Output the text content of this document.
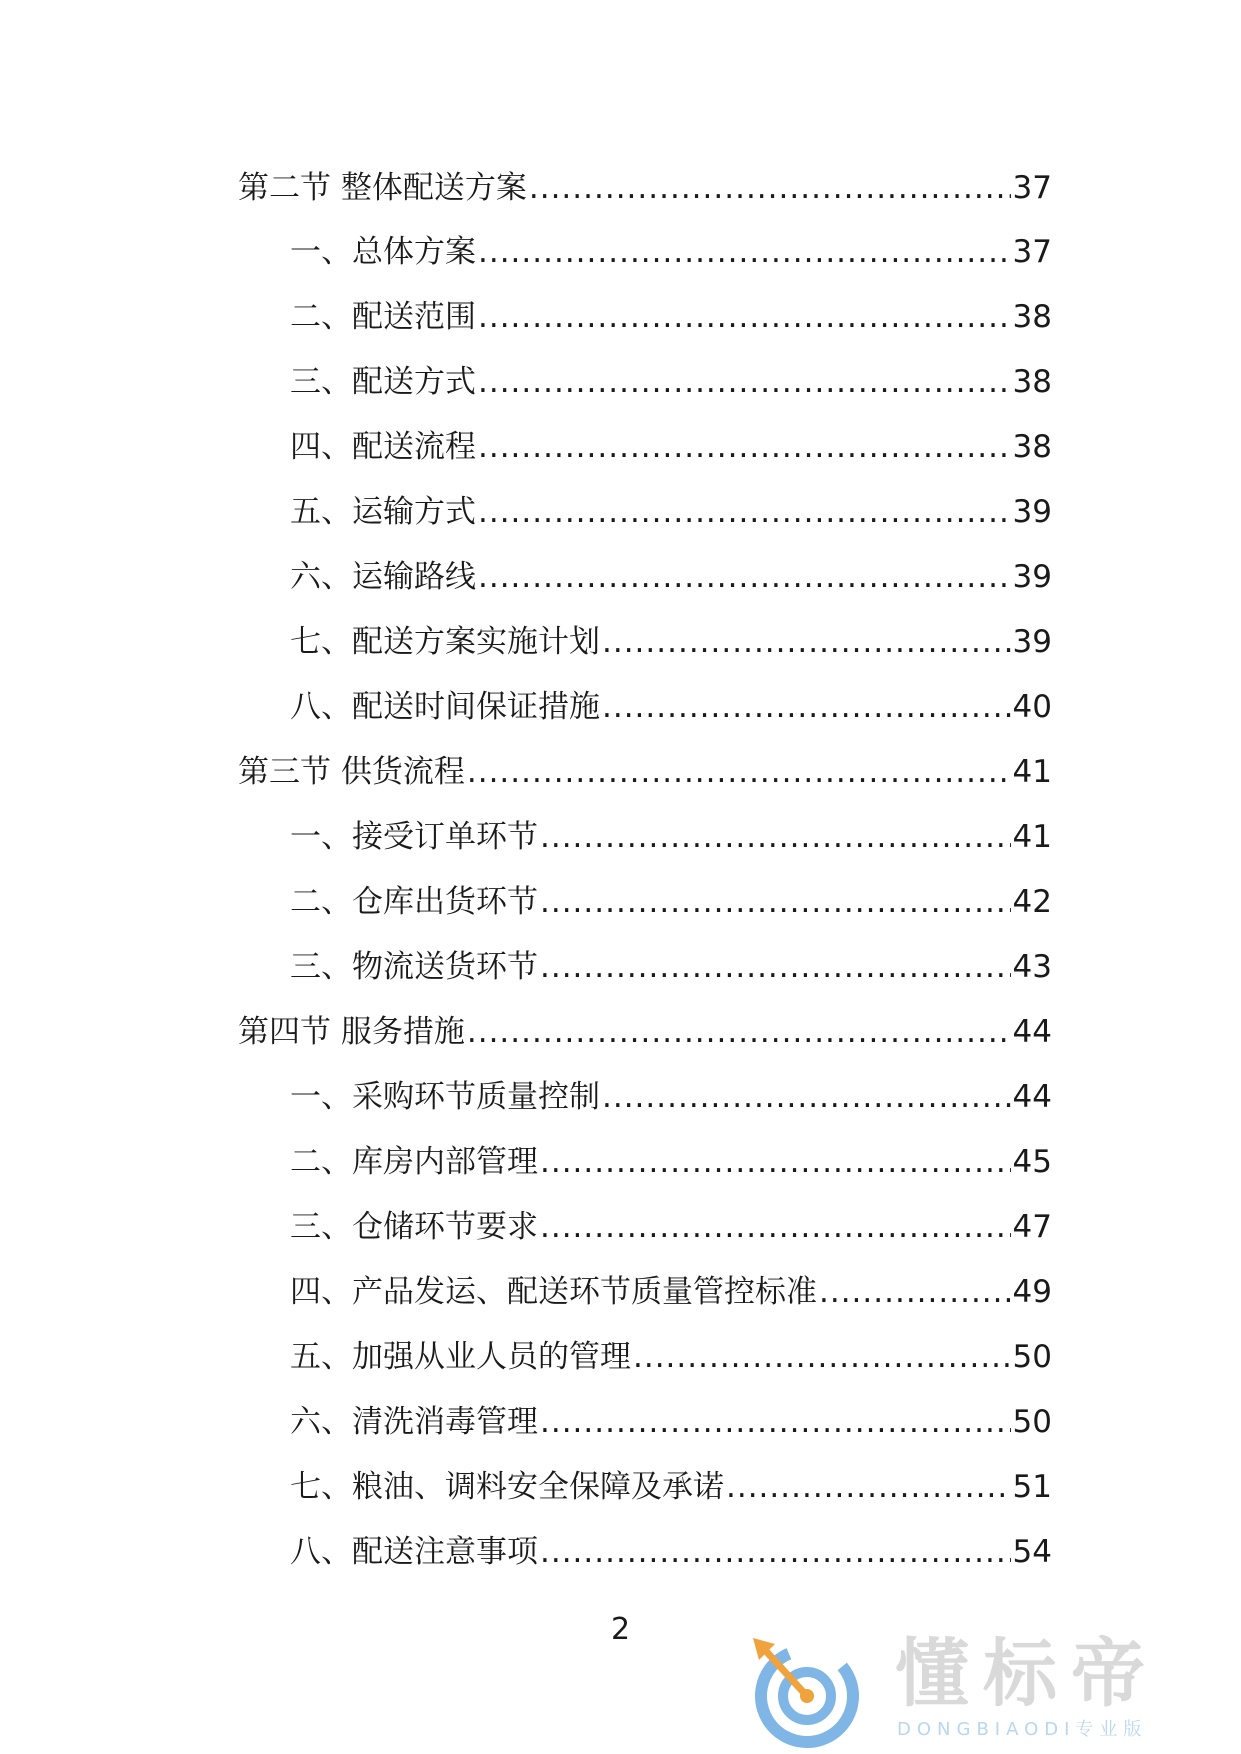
第二节 整体配送方案 .....	37
一、总体方案 .....	37
二、配送范围 .....	38
三、配送方式 .....	38
四、配送流程 .....	38
五、运输方式 .....	39
六、运输路线 .....	39
七、配送方案实施计划 .....	39
八、配送时间保证措施 .....	40
第三节 供货流程 .....	41
一、接受订单环节 .....	41
二、仓库出货环节 .....	42
三、物流送货环节 .....	43
第四节 服务措施 .....	44
一、采购环节质量控制 .....	44
二、库房内部管理 .....	45
三、仓储环节要求 .....	47
四、产品发运、配送环节质量管控标准 .....	49
五、加强从业人员的管理 .....	50
六、清洗消毒管理 .....	50
七、粮油、调料安全保障及承诺 .....	51
八、配送注意事项 .....	54
2
懂标帝
DONGBIAODI专业版
